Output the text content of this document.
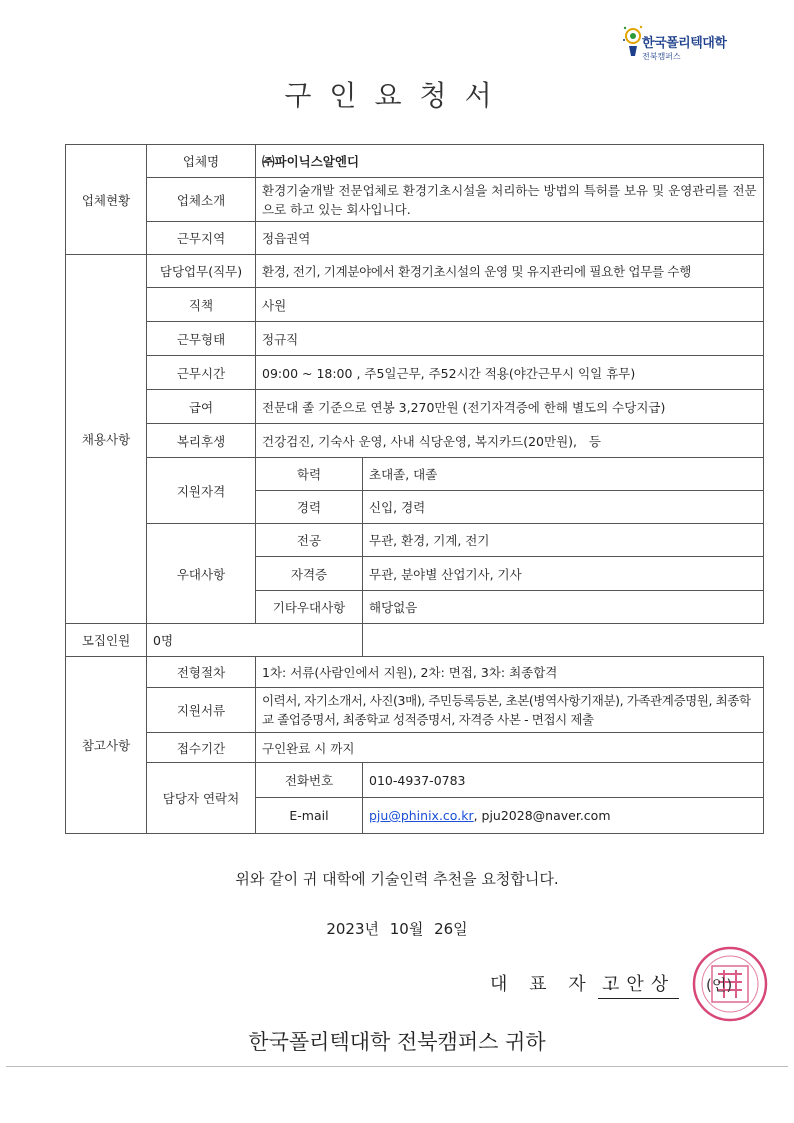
한국폴리텍대학
전북캠퍼스
구인요청서
업체현황	업체명	㈜파이닉스알엔디	
	업체소개	환경기술개발 전문업체로 환경기초시설을 처리하는 방법의 특허를 보유 및 운영관리를 전문으로 하고 있는 회사입니다.	
	근무지역	정읍권역	
채용사항	담당업무(직무)	환경, 전기, 기계분야에서 환경기초시설의 운영 및 유지관리에 필요한 업무를 수행	
	직책	사원	
	근무형태	정규직	
	근무시간	09:00 ~ 18:00 , 주5일근무, 주52시간 적용(야간근무시 익일 휴무)	
	급여	전문대 졸 기준으로 연봉 3,270만원 (전기자격증에 한해 별도의 수당지급)	
	복리후생	건강검진, 기숙사 운영, 사내 식당운영, 복지카드(20만원),   등	
	지원자격	학력	초대졸, 대졸
		경력	신입, 경력
	우대사항	전공	무관, 환경, 기계, 전기
		자격증	무관, 분야별 산업기사, 기사
		기타우대사항	해당없음
모집인원	0명		
참고사항	전형절차	1차: 서류(사람인에서 지원), 2차: 면접, 3차: 최종합격	
	지원서류	이력서, 자기소개서, 사진(3매), 주민등록등본, 초본(병역사항기재분), 가족관계증명원, 최종학교 졸업증명서, 최종학교 성적증명서, 자격증 사본 - 면접시 제출	
	접수기간	구인완료 시 까지	
	담당자 연락처	전화번호	010-4937-0783
		E-mail	pju@phinix.co.kr, pju2028@naver.com
위와 같이 귀 대학에 기술인력 추천을 요청합니다.
2023년 10월 26일
대 표 자 :
고안상 (인)
한국폴리텍대학 전북캠퍼스 귀하
